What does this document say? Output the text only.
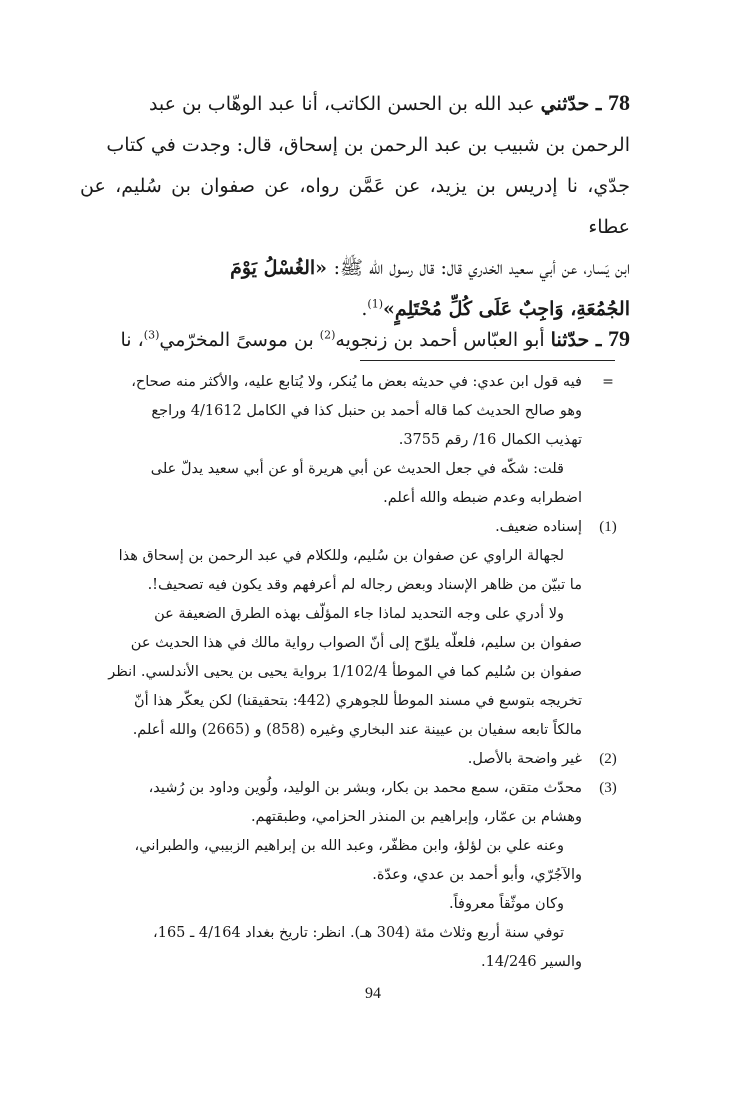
78 ـ حدّثني عبد الله بن الحسن الكاتب، أنا عبد الوهّاب بن عبد
الرحمن بن شبيب بن عبد الرحمن بن إسحاق، قال: وجدت في كتاب
جدّي، نا إدريس بن يزيد، عن عَمَّن رواه، عن صفوان بن سُليم، عن عطاء
ابن يَسار، عن أبي سعيد الخدري قال: قال رسول الله ﷺ: «الغُسْلُ يَوْمَ
الجُمُعَةِ، وَاجِبٌ عَلَى كُلِّ مُحْتَلِمٍ»$^{(1)}$.
79 ـ حدّثنا أبو العبّاس أحمد بن زنجويه$^{(2)}$ بن موسىً المخرّمي$^{(3)}$، نا
=
فيه قول ابن عدي: في حديثه بعض ما يُنكر، ولا يُتابع عليه، والأكثر منه صحاح،
وهو صالح الحديث كما قاله أحمد بن حنبل كذا في الكامل 4/1612 وراجع
تهذيب الكمال 16/ رقم 3755.
قلت: شكّه في جعل الحديث عن أبي هريرة أو عن أبي سعيد يدلّ على
اضطرابه وعدم ضبطه والله أعلم.
(1)
إسناده ضعيف.
لجهالة الراوي عن صفوان بن سُليم، وللكلام في عبد الرحمن بن إسحاق هذا
ما تبيّن من ظاهر الإسناد وبعض رجاله لم أعرفهم وقد يكون فيه تصحيف!.
ولا أدري على وجه التحديد لماذا جاء المؤلّف بهذه الطرق الضعيفة عن
صفوان بن سليم، فلعلّه يلوّح إلى أنّ الصواب رواية مالك في هذا الحديث عن
صفوان بن سُليم كما في الموطأ 1/102/4 برواية يحيى بن يحيى الأندلسي. انظر
تخريجه بتوسع في مسند الموطأ للجوهري (442: بتحقيقنا) لكن يعكّر هذا أنّ
مالكاً تابعه سفيان بن عيينة عند البخاري وغيره (858) و (2665) والله أعلم.
(2)
غير واضحة بالأصل.
(3)
محدّث متقن، سمع محمد بن بكار، وبشر بن الوليد، ولُوين وداود بن رُشيد،
وهشام بن عمّار، وإبراهيم بن المنذر الحزامي، وطبقتهم.
وعنه علي بن لؤلؤ، وابن مظفّر، وعبد الله بن إبراهيم الزبيبي، والطبراني،
والآجُرّي، وأبو أحمد بن عدي، وعدّة.
وكان موثّقاً معروفاً.
توفي سنة أربع وثلاث مئة (304 هـ). انظر: تاريخ بغداد 4/164 ـ 165،
والسير 14/246.
94
